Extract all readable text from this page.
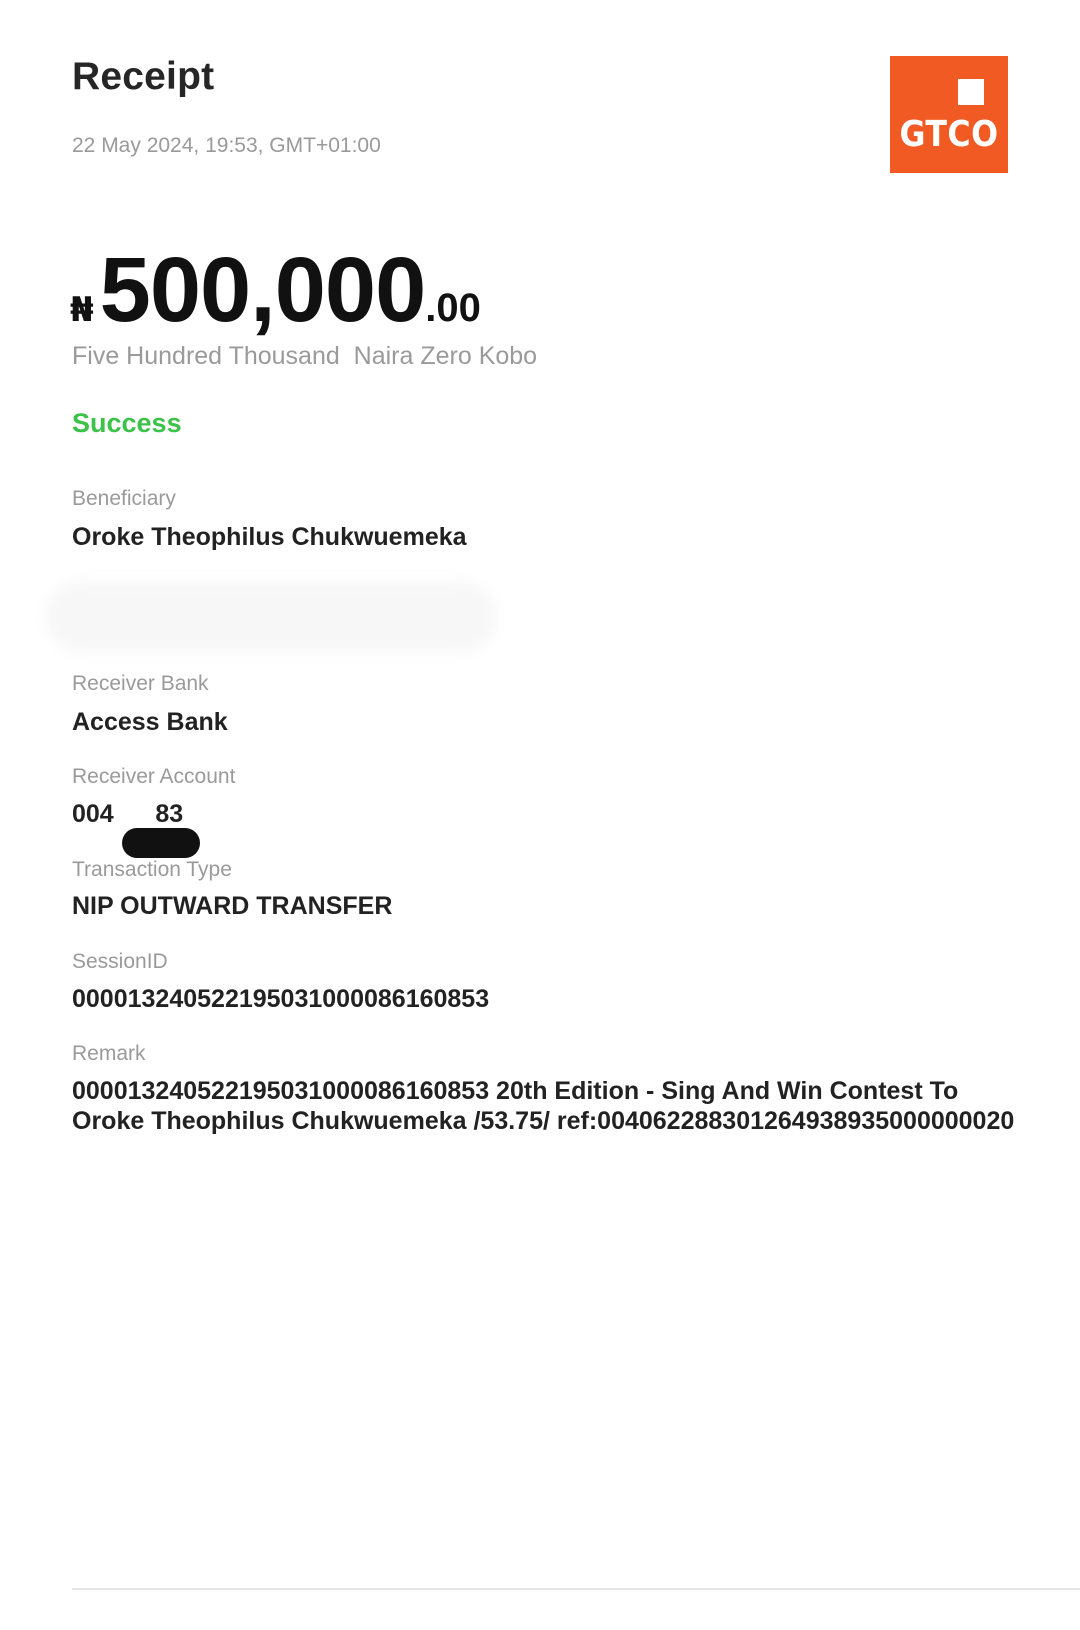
Receipt
22 May 2024, 19:53, GMT+01:00	GTCO
₦500,000.00
Five Hundred Thousand  Naira Zero Kobo
Success
Beneficiary
Oroke Theophilus Chukwuemeka
Receiver Bank
Access Bank
Receiver Account
004      83
Transaction Type
NIP OUTWARD TRANSFER
SessionID
000013240522195031000086160853
Remark
000013240522195031000086160853 20th Edition - Sing And Win Contest To Oroke Theophilus Chukwuemeka /53.75/ ref:004062288301264938935000000020
